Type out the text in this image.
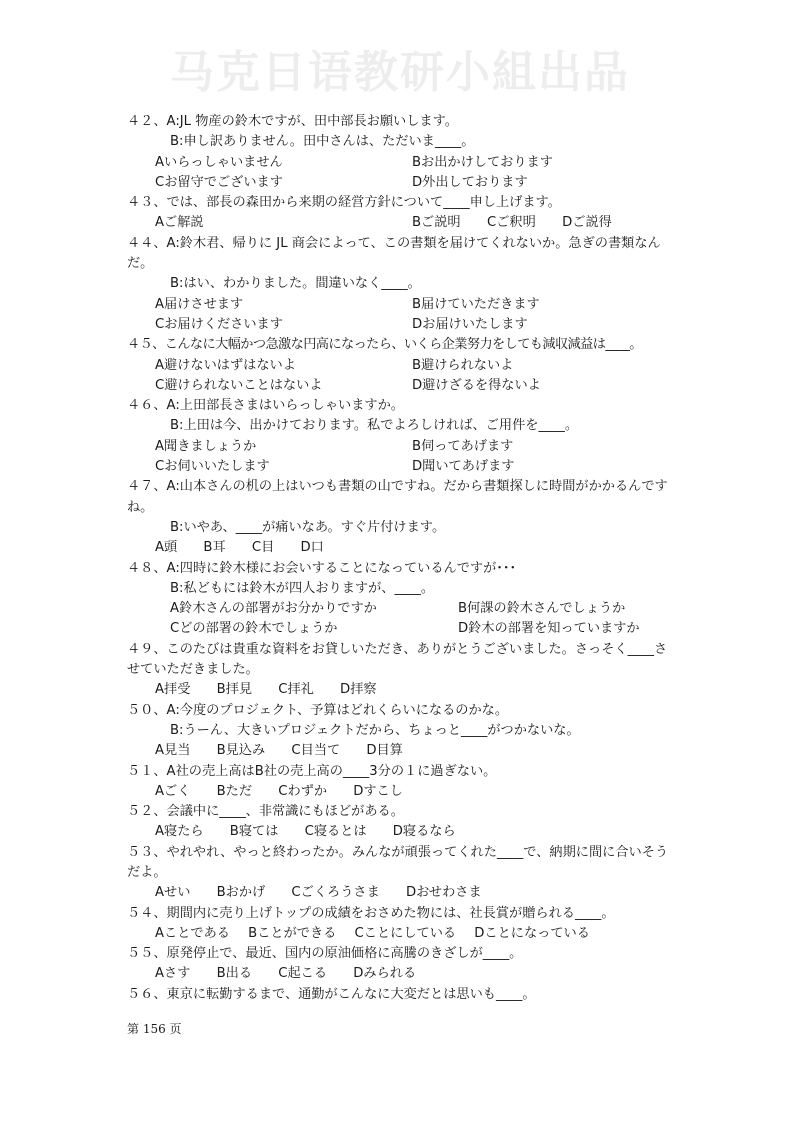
马克日语教研小組出品
４２、A:JL 物産の鈴木ですが、田中部長お願いします。
B:申し訳ありません。田中さんは、ただいま____。
Aいらっしゃいません	Bお出かけしております
Cお留守でございます	D外出しております
４３、では、部長の森田から来期の経営方針について____申し上げます。
Aご解説	Bご説明　　Cご釈明　　Dご説得
４４、A:鈴木君、帰りに JL 商会によって、この書類を届けてくれないか。急ぎの書類なんだ。
B:はい、わかりました。間違いなく____。
A届けさせます	B届けていただきます
Cお届けくださいます	Dお届けいたします
４５、こんなに大幅かつ急激な円高になったら、いくら企業努力をしても減収減益は____。
A避けないはずはないよ	B避けられないよ
C避けられないことはないよ	D避けざるを得ないよ
４６、A:上田部長さまはいらっしゃいますか。
B:上田は今、出かけております。私でよろしければ、ご用件を____。
A聞きましょうか	B伺ってあげます
Cお伺いいたします	D聞いてあげます
４７、A:山本さんの机の上はいつも書類の山ですね。だから書類探しに時間がかかるんですね。
B:いやあ、____が痛いなあ。すぐ片付けます。
A頭 B耳 C目 D口
４８、A:四時に鈴木様にお会いすることになっているんですが･･･
B:私どもには鈴木が四人おりますが、____。
A鈴木さんの部署がお分かりですか	B何課の鈴木さんでしょうか
Cどの部署の鈴木でしょうか	D鈴木の部署を知っていますか
４９、このたびは貴重な資料をお貸しいただき、ありがとうございました。さっそく____させていただきました。
A拝受 B拝見 C拝礼 D拝察
５０、A:今度のプロジェクト、予算はどれくらいになるのかな。
B:うーん、大きいプロジェクトだから、ちょっと____がつかないな。
A見当 B見込み C目当て D目算
５１、A社の売上高はB社の売上高の____3分の１に過ぎない。
Aごく Bただ Cわずか Dすこし
５２、会議中に____、非常識にもほどがある。
A寝たら B寝ては C寝るとは D寝るなら
５３、やれやれ、やっと終わったか。みんなが頑張ってくれた____で、納期に間に合いそうだよ。
Aせい Bおかげ Cごくろうさま Dおせわさま
５４、期間内に売り上げトップの成績をおさめた物には、社長賞が贈られる____。
Aことである Bことができる Cことにしている Dことになっている
５５、原発停止で、最近、国内の原油価格に高騰のきざしが____。
Aさす B出る C起こる Dみられる
５６、東京に転勤するまで、通勤がこんなに大変だとは思いも____。
第 156 页
